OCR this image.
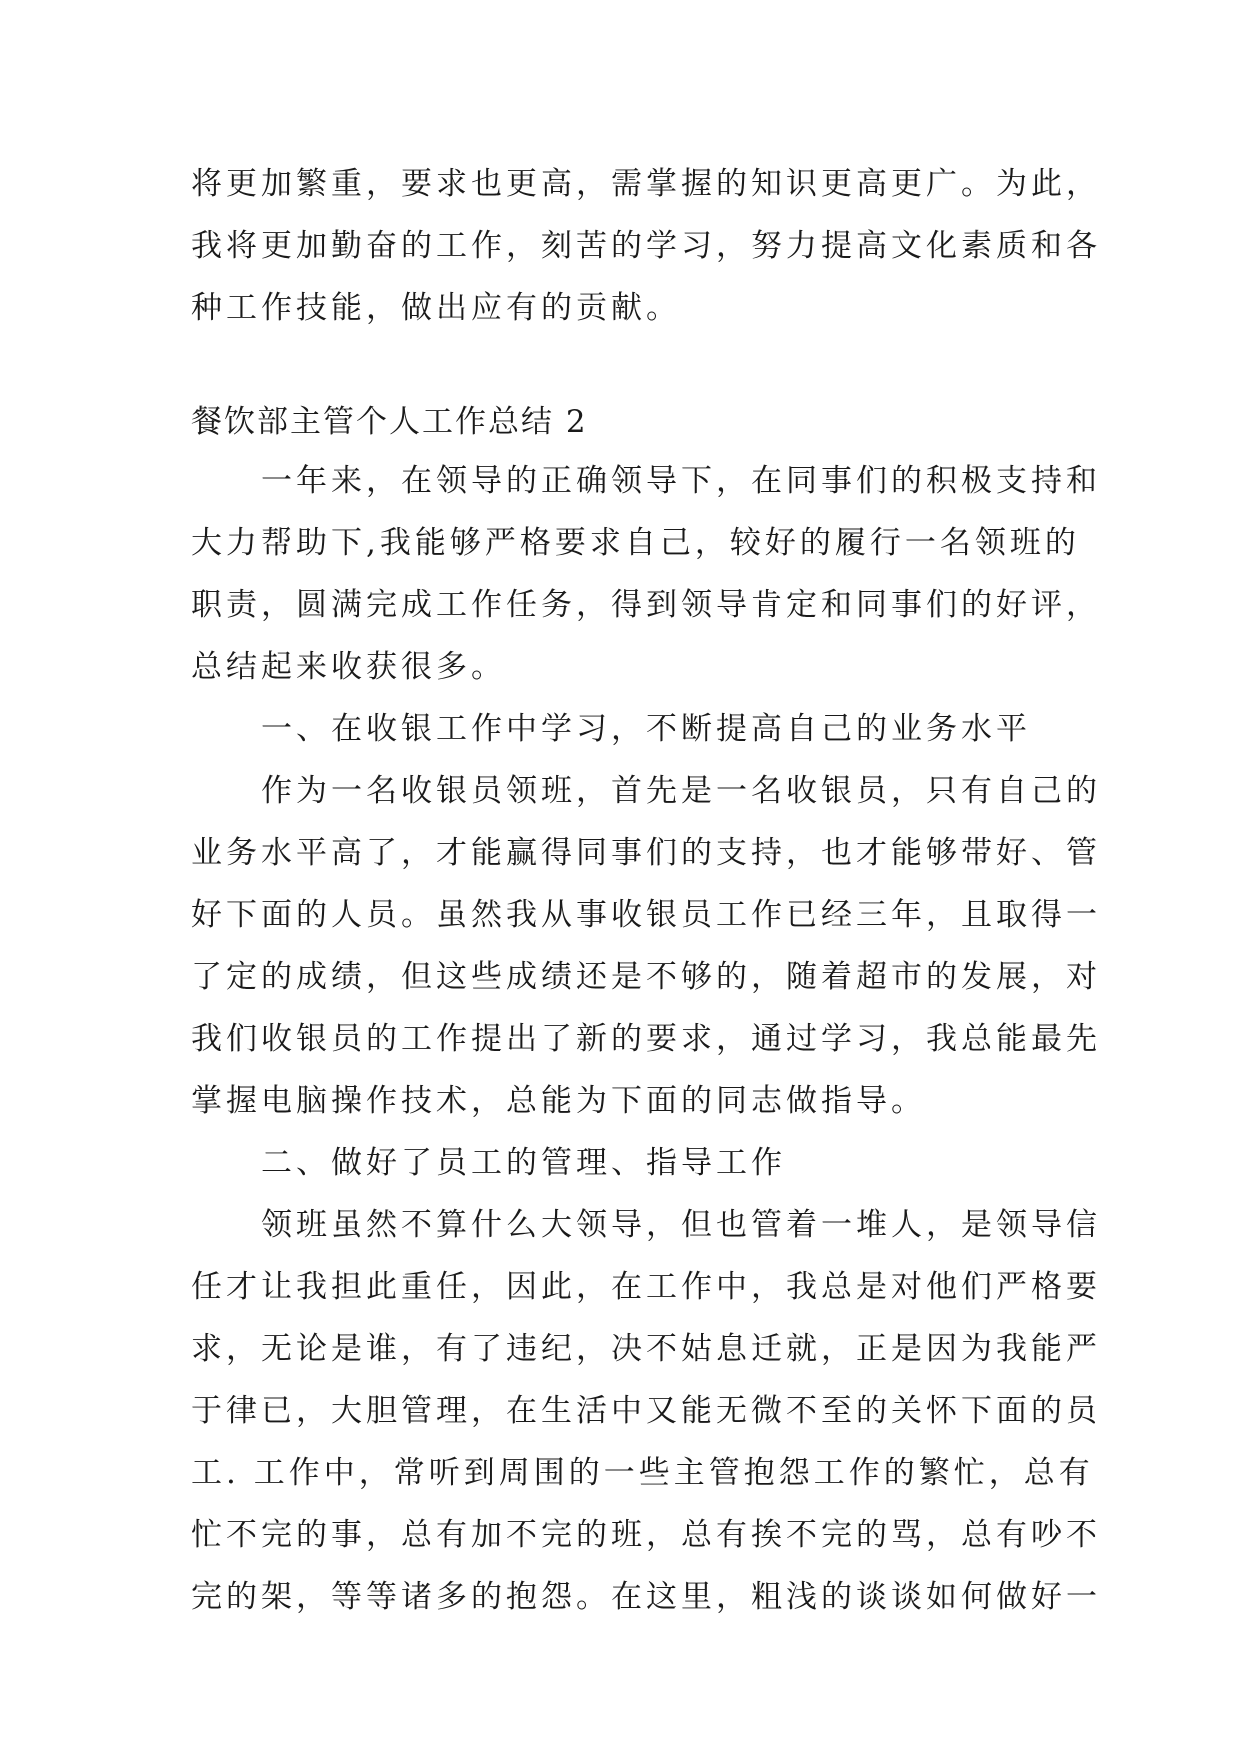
将更加繁重，要求也更高，需掌握的知识更高更广。为此，
我将更加勤奋的工作，刻苦的学习，努力提高文化素质和各
种工作技能，做出应有的贡献。
餐饮部主管个人工作总结 2
　　一年来，在领导的正确领导下，在同事们的积极支持和
大力帮助下,我能够严格要求自己，较好的履行一名领班的
职责，圆满完成工作任务，得到领导肯定和同事们的好评，
总结起来收获很多。
　　一、在收银工作中学习，不断提高自己的业务水平
　　作为一名收银员领班，首先是一名收银员，只有自己的
业务水平高了，才能赢得同事们的支持，也才能够带好、管
好下面的人员。虽然我从事收银员工作已经三年，且取得一
了定的成绩，但这些成绩还是不够的，随着超市的发展，对
我们收银员的工作提出了新的要求，通过学习，我总能最先
掌握电脑操作技术，总能为下面的同志做指导。
　　二、做好了员工的管理、指导工作
　　领班虽然不算什么大领导，但也管着一堆人，是领导信
任才让我担此重任，因此，在工作中，我总是对他们严格要
求，无论是谁，有了违纪，决不姑息迁就，正是因为我能严
于律已，大胆管理，在生活中又能无微不至的关怀下面的员
工. 工作中，常听到周围的一些主管抱怨工作的繁忙，总有
忙不完的事，总有加不完的班，总有挨不完的骂，总有吵不
完的架，等等诸多的抱怨。在这里，粗浅的谈谈如何做好一
